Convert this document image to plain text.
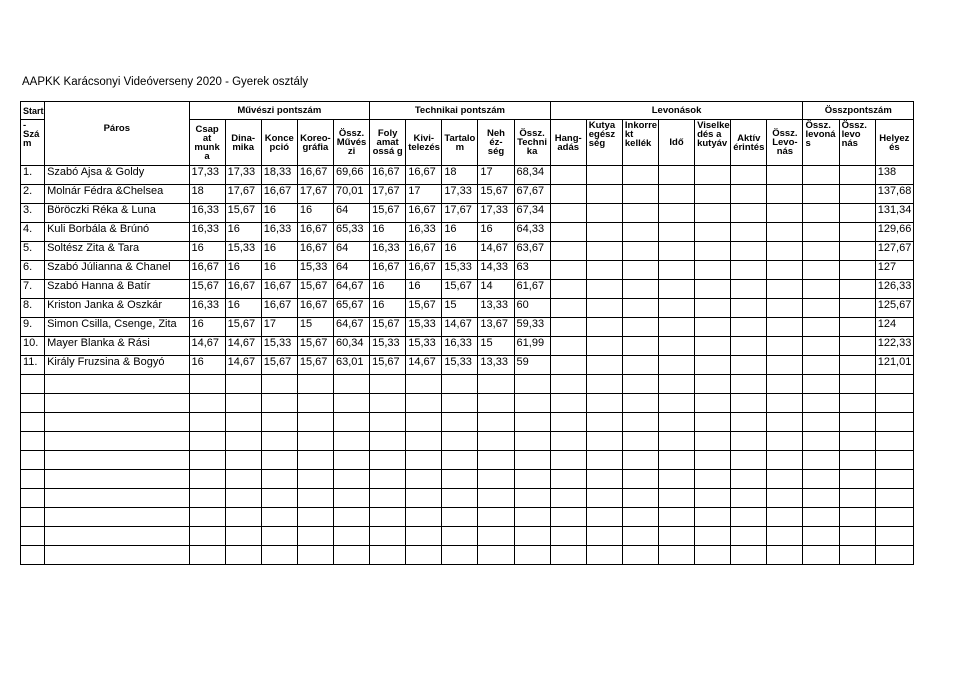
AAPKK Karácsonyi Videóverseny 2020 - Gyerek osztály
Start		Művészi pontszám					Technikai pontszám					Levonások							Összpontszám		
- Szá m	Páros	Csap at munk a	Dina- mika	Konce pció	Koreo- gráfia	Össz. Művés zi	Foly amat ossá g	Kivi- telezés	Tartalo m	Neh éz- ség	Össz. Techni ka	Hang- adás	Kutya egész ség	Inkorre kt kellék	Idő	Viselke dés a kutyáv	Aktív érintés	Össz. Levo- nás	Össz. levoná s	Össz. levo nás	Helyez és
1.	Szabó Ajsa & Goldy	17,33	17,33	18,33	16,67	69,66	16,67	16,67	18	17	68,34										138
2.	Molnár Fédra &Chelsea	18	17,67	16,67	17,67	70,01	17,67	17	17,33	15,67	67,67										137,68
3.	Böröczki Réka & Luna	16,33	15,67	16	16	64	15,67	16,67	17,67	17,33	67,34										131,34
4.	Kuli Borbála & Brúnó	16,33	16	16,33	16,67	65,33	16	16,33	16	16	64,33										129,66
5.	Soltész Zita & Tara	16	15,33	16	16,67	64	16,33	16,67	16	14,67	63,67										127,67
6.	Szabó Júlianna & Chanel	16,67	16	16	15,33	64	16,67	16,67	15,33	14,33	63										127
7.	Szabó Hanna & Batír	15,67	16,67	16,67	15,67	64,67	16	16	15,67	14	61,67										126,33
8.	Kriston Janka & Oszkár	16,33	16	16,67	16,67	65,67	16	15,67	15	13,33	60										125,67
9.	Simon Csilla, Csenge, Zita	16	15,67	17	15	64,67	15,67	15,33	14,67	13,67	59,33										124
10.	Mayer Blanka & Rási	14,67	14,67	15,33	15,67	60,34	15,33	15,33	16,33	15	61,99										122,33
11.	Király Fruzsina & Bogyó	16	14,67	15,67	15,67	63,01	15,67	14,67	15,33	13,33	59										121,01
